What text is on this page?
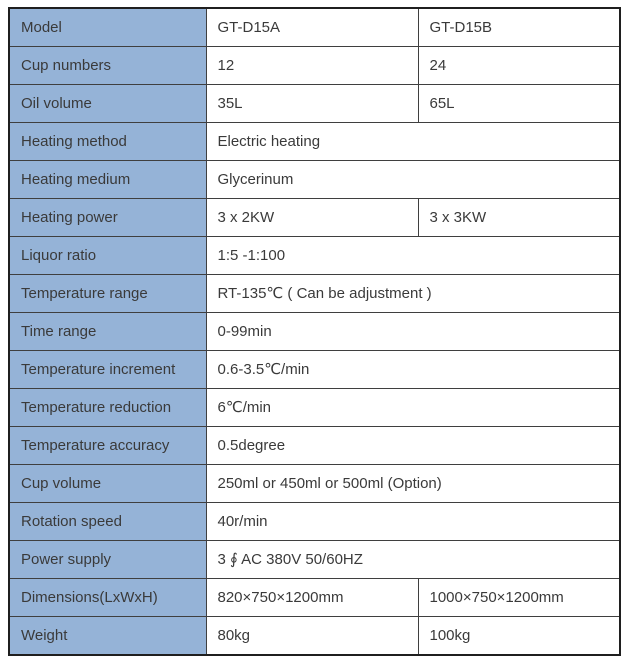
Model	GT-D15A	GT-D15B
Cup numbers	12	24
Oil volume	35L	65L
Heating method	Electric heating	
Heating medium	Glycerinum	
Heating power	3 x 2KW	3 x 3KW
Liquor ratio	1:5 -1:100	
Temperature range	RT-135℃ ( Can be adjustment )	
Time range	0-99min	
Temperature increment	0.6-3.5℃/min	
Temperature reduction	6℃/min	
Temperature accuracy	0.5degree	
Cup volume	250ml or 450ml or 500ml (Option)	
Rotation speed	40r/min	
Power supply	3 ∮ AC 380V 50/60HZ	
Dimensions(LxWxH)	820×750×1200mm	1000×750×1200mm
Weight	80kg	100kg
